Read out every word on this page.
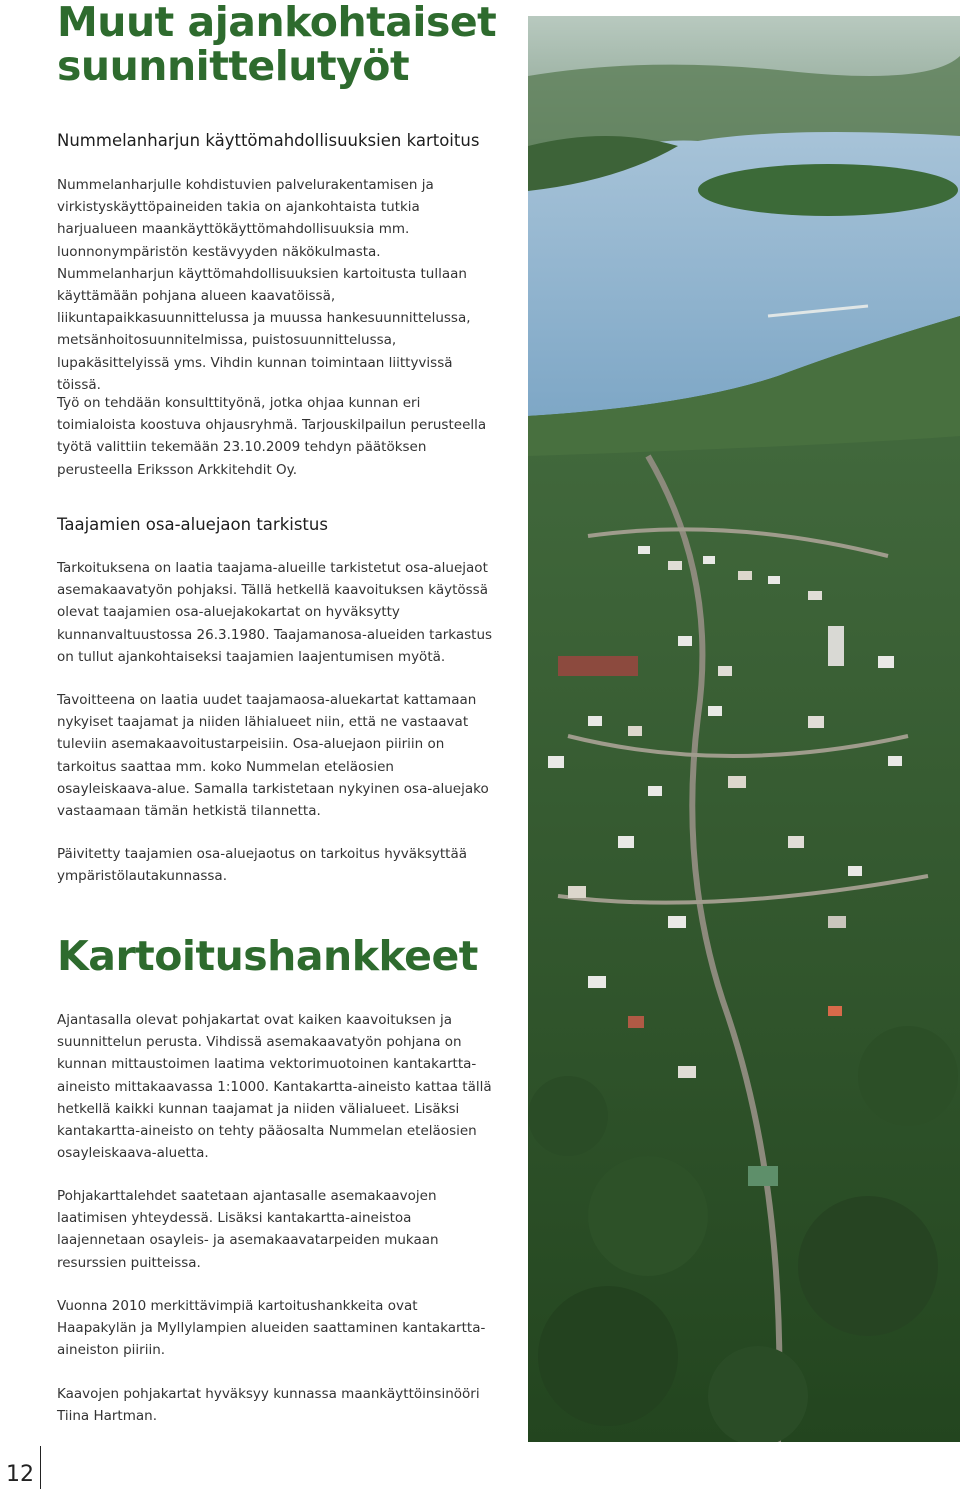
Muut ajankohtaiset suunnittelutyöt
Nummelanharjun käyttömahdollisuuksien kartoitus

Nummelanharjulle kohdistuvien palvelurakentamisen ja virkistyskäyttöpaineiden takia on ajankohtaista tutkia harjualueen maankäyttökäyttömahdollisuuksia mm. luonnonympäristön kestävyyden näkökulmasta. Nummelanharjun käyttömahdollisuuksien kartoitusta tullaan käyttämään pohjana alueen kaavatöissä, liikuntapaikkasuunnittelussa ja muussa hankesuunnittelussa, metsänhoitosuunnitelmissa, puistosuunnittelussa, lupakäsittelyissä yms. Vihdin kunnan toimintaan liittyvissä töissä.

Työ on tehdään konsulttityönä, jotka ohjaa kunnan eri toimialoista koostuva ohjausryhmä. Tarjouskilpailun perusteella työtä valittiin tekemään 23.10.2009 tehdyn päätöksen perusteella Eriksson Arkkitehdit Oy.

Taajamien osa-aluejaon tarkistus

Tarkoituksena on laatia taajama-alueille tarkistetut osa-aluejaot asemakaavatyön pohjaksi. Tällä hetkellä kaavoituksen käytössä olevat taajamien osa-aluejakokartat on hyväksytty kunnanvaltuustossa 26.3.1980. Taajamanosa-alueiden tarkastus on tullut ajankohtaiseksi taajamien laajentumisen myötä.

Tavoitteena on laatia uudet taajamaosa-aluekartat kattamaan nykyiset taajamat ja niiden lähialueet niin, että ne vastaavat tuleviin asemakaavoitustarpeisiin. Osa-aluejaon piiriin on tarkoitus saattaa mm. koko Nummelan eteläosien osayleiskaava-alue. Samalla tarkistetaan nykyinen osa-aluejako vastaamaan tämän hetkistä tilannetta.

Päivitetty taajamien osa-aluejaotus on tarkoitus hyväksyttää ympäristölautakunnassa.

Kartoitushankkeet

Ajantasalla olevat pohjakartat ovat kaiken kaavoituksen ja suunnittelun perusta. Vihdissä asemakaavatyön pohjana on kunnan mittaustoimen laatima vektorimuotoinen kantakartta-aineisto mittakaavassa 1:1000. Kantakartta-aineisto kattaa tällä hetkellä kaikki kunnan taajamat ja niiden välialueet. Lisäksi kantakartta-aineisto on tehty pääosalta Nummelan eteläosien osayleiskaava-aluetta.

Pohjakarttalehdet saatetaan ajantasalle asemakaavojen laatimisen yhteydessä. Lisäksi kantakartta-aineistoa laajennetaan osayleis- ja asemakaavatarpeiden mukaan resurssien puitteissa.

Vuonna 2010 merkittävimpiä kartoitushankkeita ovat Haapakylän ja Myllylampien alueiden saattaminen kantakartta-aineiston piiriin.

Kaavojen pohjakartat hyväksyy kunnassa maankäyttöinsinööri Tiina Hartman.

12
